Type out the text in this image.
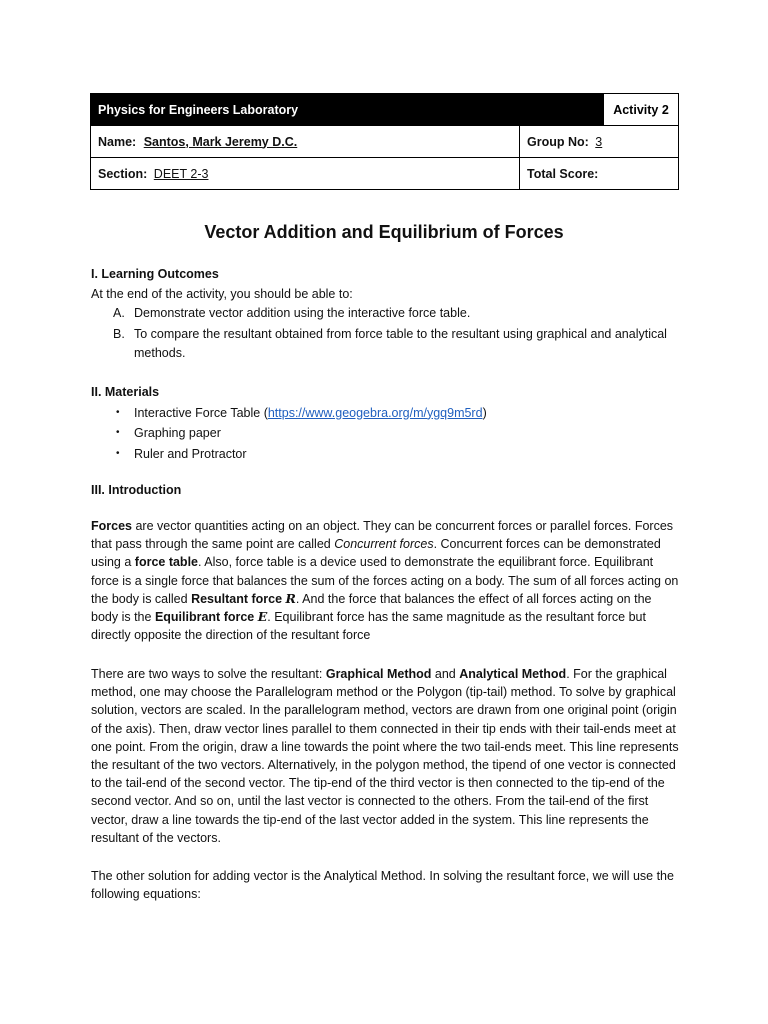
Physics for Engineers Laboratory		Activity 2
Name: Santos, Mark Jeremy D.C.	Group No: 3	
Section: DEET 2-3	Total Score:	
Vector Addition and Equilibrium of Forces
I. Learning Outcomes
At the end of the activity, you should be able to:
A. Demonstrate vector addition using the interactive force table.
B. To compare the resultant obtained from force table to the resultant using graphical and analytical methods.
II. Materials
• Interactive Force Table (https://www.geogebra.org/m/ygq9m5rd)
• Graphing paper
• Ruler and Protractor
III. Introduction
Forces are vector quantities acting on an object. They can be concurrent forces or parallel forces. Forces that pass through the same point are called Concurrent forces. Concurrent forces can be demonstrated using a force table. Also, force table is a device used to demonstrate the equilibrant force. Equilibrant force is a single force that balances the sum of the forces acting on a body. The sum of all forces acting on the body is called Resultant force R. And the force that balances the effect of all forces acting on the body is the Equilibrant force E. Equilibrant force has the same magnitude as the resultant force but directly opposite the direction of the resultant force
There are two ways to solve the resultant: Graphical Method and Analytical Method. For the graphical method, one may choose the Parallelogram method or the Polygon (tip-tail) method. To solve by graphical solution, vectors are scaled. In the parallelogram method, vectors are drawn from one original point (origin of the axis). Then, draw vector lines parallel to them connected in their tip ends with their tail-ends meet at one point. From the origin, draw a line towards the point where the two tail-ends meet. This line represents the resultant of the two vectors. Alternatively, in the polygon method, the tipend of one vector is connected to the tail-end of the second vector. The tip-end of the third vector is then connected to the tip-end of the second vector. And so on, until the last vector is connected to the others. From the tail-end of the first vector, draw a line towards the tip-end of the last vector added in the system. This line represents the resultant of the vectors.
The other solution for adding vector is the Analytical Method. In solving the resultant force, we will use the following equations:
